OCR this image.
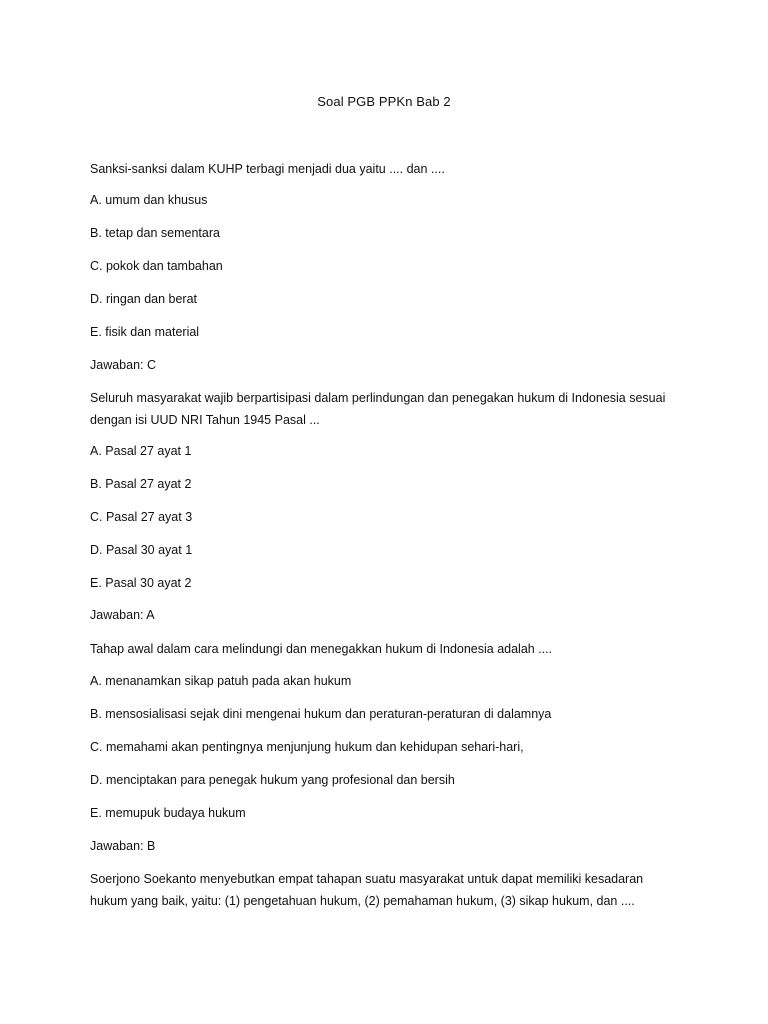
Soal PGB PPKn Bab 2
Sanksi-sanksi dalam KUHP terbagi menjadi dua yaitu .... dan ....
A. umum dan khusus
B. tetap dan sementara
C. pokok dan tambahan
D. ringan dan berat
E. fisik dan material
Jawaban: C
Seluruh masyarakat wajib berpartisipasi dalam perlindungan dan penegakan hukum di Indonesia sesuai
dengan isi UUD NRI Tahun 1945 Pasal ...
A. Pasal 27 ayat 1
B. Pasal 27 ayat 2
C. Pasal 27 ayat 3
D. Pasal 30 ayat 1
E. Pasal 30 ayat 2
Jawaban: A
Tahap awal dalam cara melindungi dan menegakkan hukum di Indonesia adalah ....
A. menanamkan sikap patuh pada akan hukum
B. mensosialisasi sejak dini mengenai hukum dan peraturan-peraturan di dalamnya
C. memahami akan pentingnya menjunjung hukum dan kehidupan sehari-hari,
D. menciptakan para penegak hukum yang profesional dan bersih
E. memupuk budaya hukum
Jawaban: B
Soerjono Soekanto menyebutkan empat tahapan suatu masyarakat untuk dapat memiliki kesadaran
hukum yang baik, yaitu: (1) pengetahuan hukum, (2) pemahaman hukum, (3) sikap hukum, dan ....
